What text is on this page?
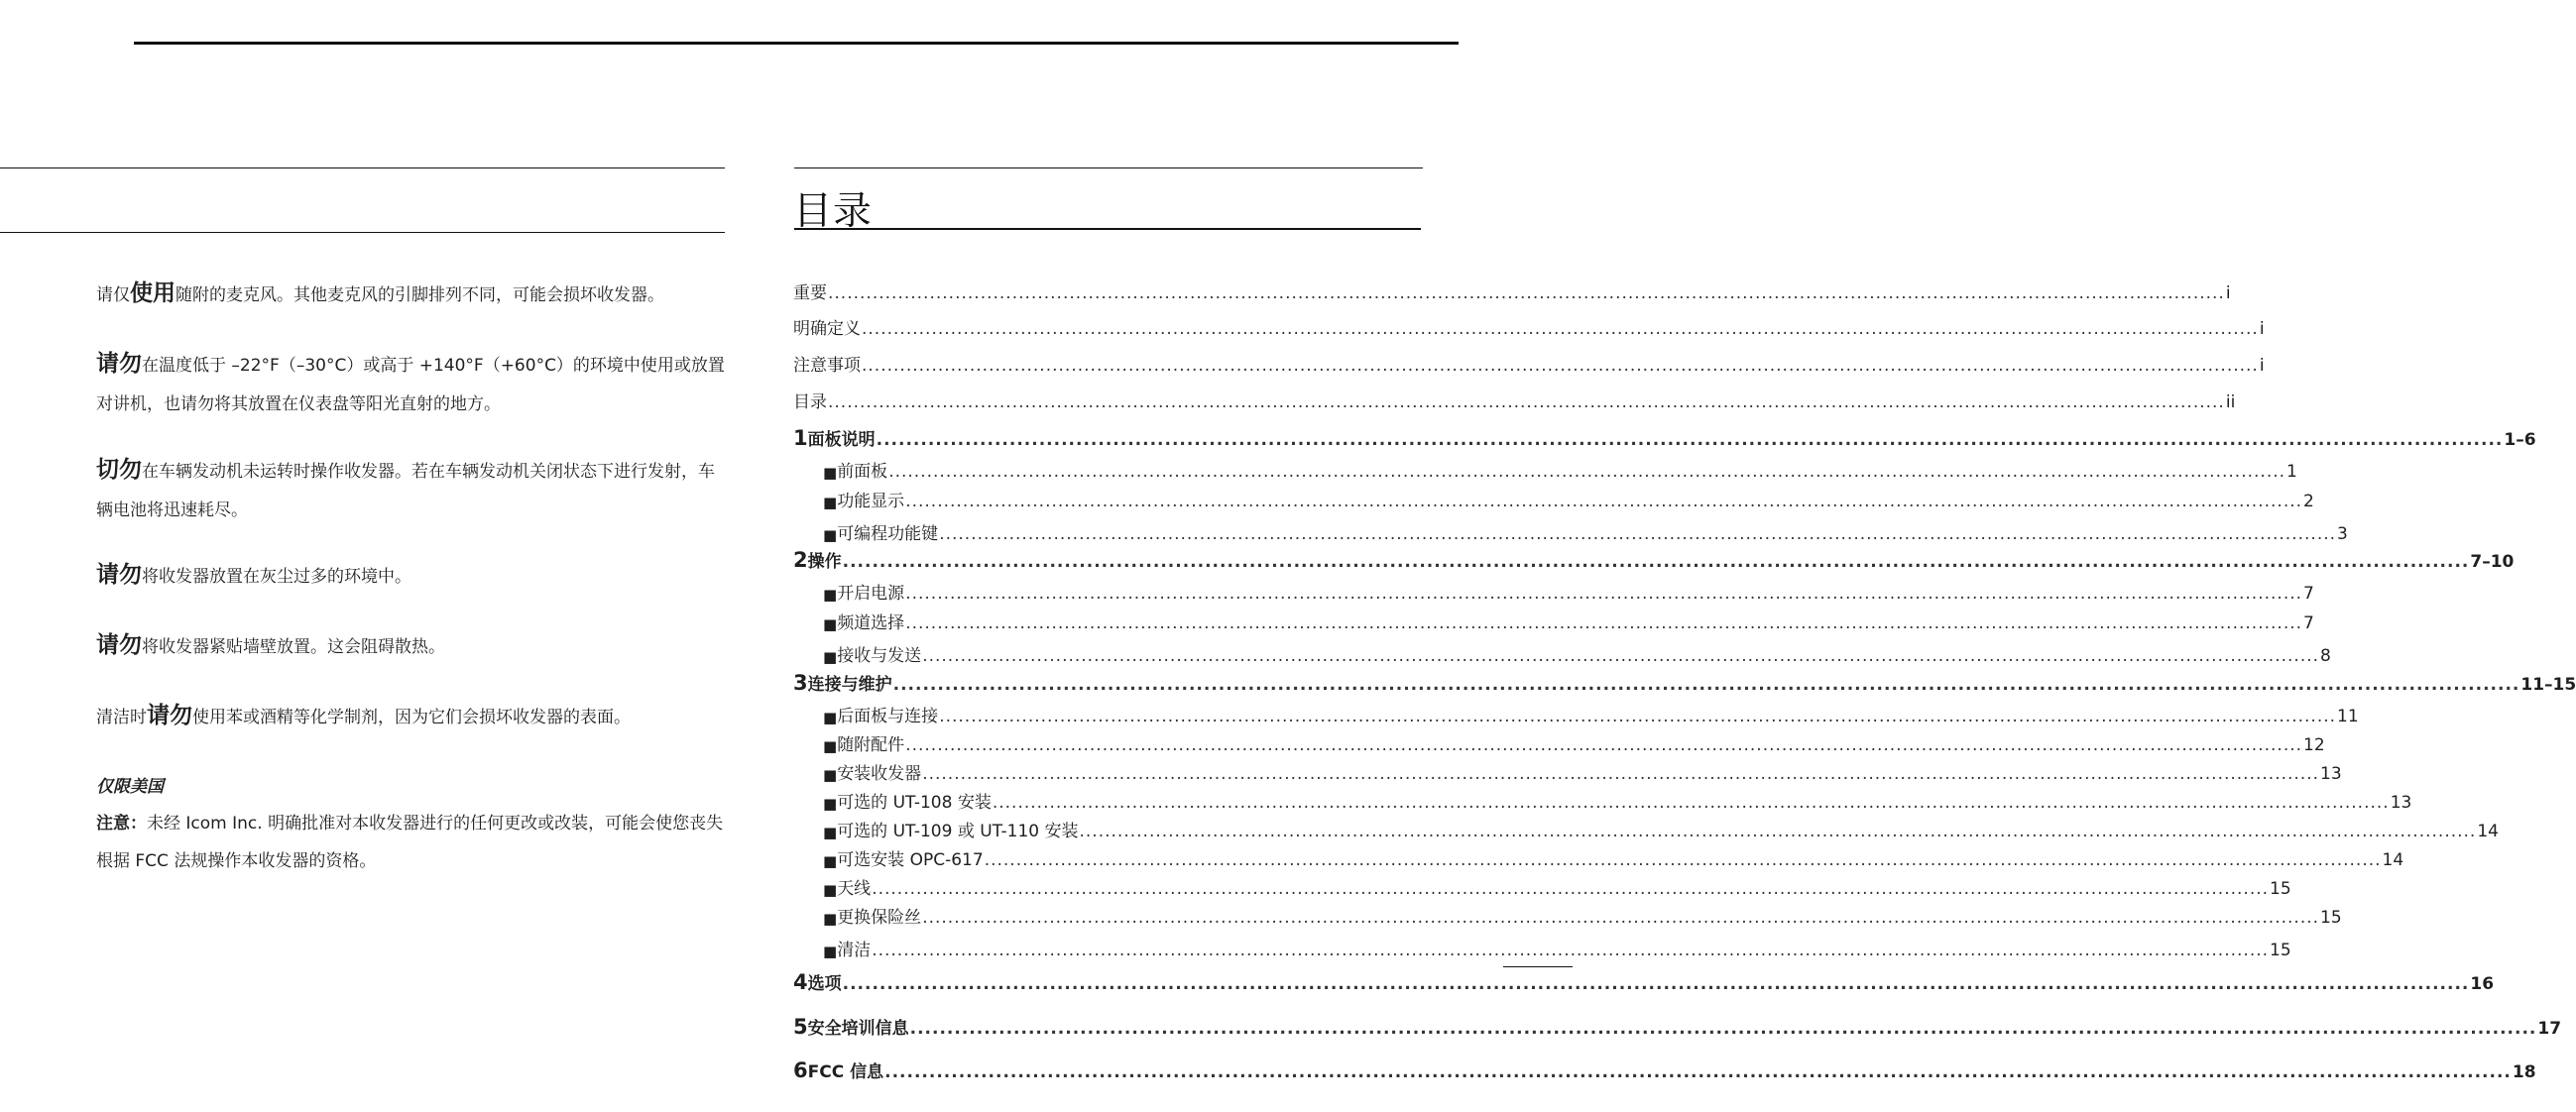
请仅使用随附的麦克风。其他麦克风的引脚排列不同，可能会损坏收发器。

请勿在温度低于 –22°F（–30°C）或高于 +140°F（+60°C）的环境中使用或放置对讲机，也请勿将其放置在仪表盘等阳光直射的地方。

切勿在车辆发动机未运转时操作收发器。若在车辆发动机关闭状态下进行发射，车辆电池将迅速耗尽。

请勿将收发器放置在灰尘过多的环境中。

请勿将收发器紧贴墙壁放置。这会阻碍散热。

清洁时请勿使用苯或酒精等化学制剂，因为它们会损坏收发器的表面。

仅限美国

注意：未经 Icom Inc. 明确批准对本收发器进行的任何更改或改装，可能会使您丧失根据 FCC 法规操作本收发器的资格。

目录
重要 ............................................................................................................................................................................................................................ i
明确定义 ............................................................................................................................................................................................................................ i
注意事项 ............................................................................................................................................................................................................................ i
目录 ............................................................................................................................................................................................................................ ii
1 面板说明 ............................................................................................................................................................................................................................ 1–6
■ 前面板 ............................................................................................................................................................................................................................ 1
■ 功能显示 ............................................................................................................................................................................................................................ 2
■ 可编程功能键 ............................................................................................................................................................................................................................ 3
2 操作 ............................................................................................................................................................................................................................ 7–10
■ 开启电源 ............................................................................................................................................................................................................................ 7
■ 频道选择 ............................................................................................................................................................................................................................ 7
■ 接收与发送 ............................................................................................................................................................................................................................ 8
3 连接与维护 ............................................................................................................................................................................................................................ 11–15
■ 后面板与连接 ............................................................................................................................................................................................................................ 11
■ 随附配件 ............................................................................................................................................................................................................................ 12
■ 安装收发器 ............................................................................................................................................................................................................................ 13
■ 可选的 UT-108 安装 ............................................................................................................................................................................................................................ 13
■ 可选的 UT-109 或 UT-110 安装 ............................................................................................................................................................................................................................ 14
■ 可选安装 OPC-617 ............................................................................................................................................................................................................................ 14
■ 天线 ............................................................................................................................................................................................................................ 15
■ 更换保险丝 ............................................................................................................................................................................................................................ 15
■ 清洁 ............................................................................................................................................................................................................................ 15
4 选项 ............................................................................................................................................................................................................................ 16
5 安全培训信息 ............................................................................................................................................................................................................................ 17
6 FCC 信息 ............................................................................................................................................................................................................................ 18
